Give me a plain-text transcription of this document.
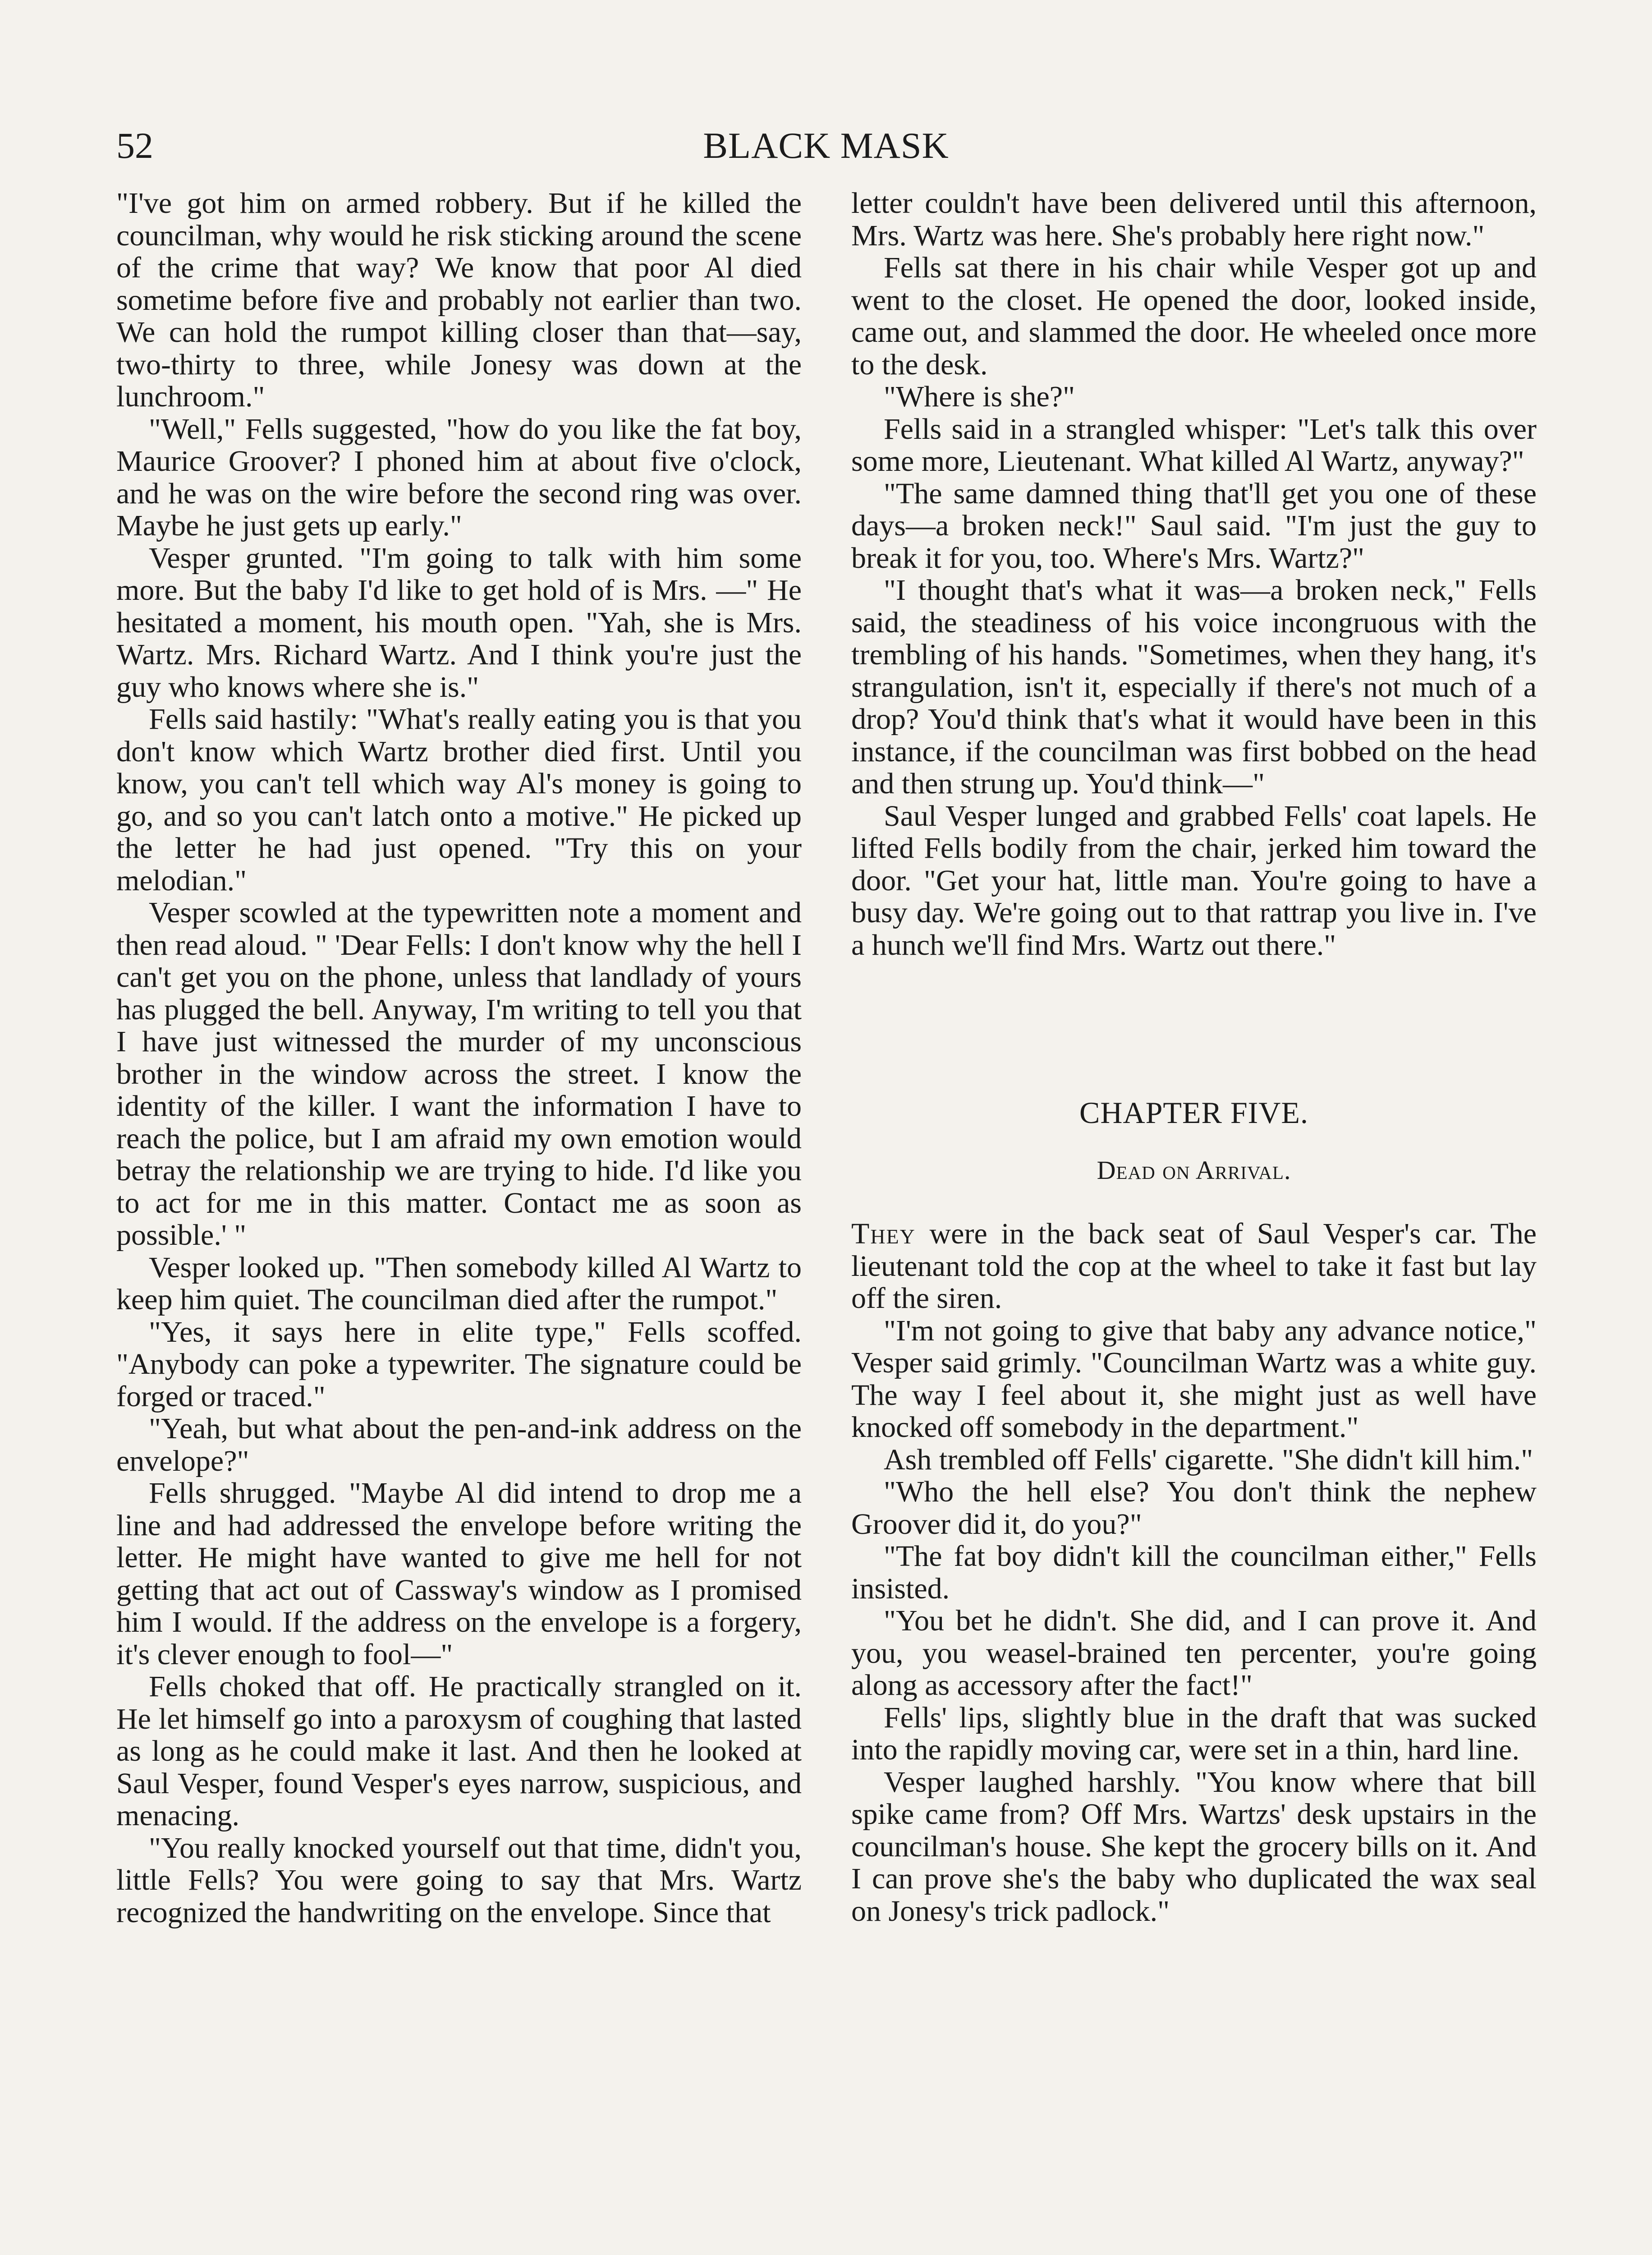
52	BLACK MASK

"I've got him on armed robbery. But if he killed the councilman, why would he risk sticking around the scene of the crime that way? We know that poor Al died sometime before five and probably not earlier than two. We can hold the rumpot killing closer than that—say, two-thirty to three, while Jonesy was down at the lunchroom."

"Well," Fells suggested, "how do you like the fat boy, Maurice Groover? I phoned him at about five o'clock, and he was on the wire before the second ring was over. Maybe he just gets up early."

Vesper grunted. "I'm going to talk with him some more. But the baby I'd like to get hold of is Mrs. —" He hesitated a moment, his mouth open. "Yah, she is Mrs. Wartz. Mrs. Richard Wartz. And I think you're just the guy who knows where she is."

Fells said hastily: "What's really eating you is that you don't know which Wartz brother died first. Until you know, you can't tell which way Al's money is going to go, and so you can't latch onto a motive." He picked up the letter he had just opened. "Try this on your melodian."

Vesper scowled at the typewritten note a moment and then read aloud. " 'Dear Fells: I don't know why the hell I can't get you on the phone, unless that landlady of yours has plugged the bell. Anyway, I'm writing to tell you that I have just witnessed the murder of my unconscious brother in the window across the street. I know the identity of the killer. I want the information I have to reach the police, but I am afraid my own emotion would betray the relationship we are trying to hide. I'd like you to act for me in this matter. Contact me as soon as possible.' "

Vesper looked up. "Then somebody killed Al Wartz to keep him quiet. The councilman died after the rumpot."

"Yes, it says here in elite type," Fells scoffed. "Anybody can poke a typewriter. The signature could be forged or traced."

"Yeah, but what about the pen-and-ink address on the envelope?"

Fells shrugged. "Maybe Al did intend to drop me a line and had addressed the envelope before writing the letter. He might have wanted to give me hell for not getting that act out of Cassway's window as I promised him I would. If the address on the envelope is a forgery, it's clever enough to fool—"

Fells choked that off. He practically strangled on it. He let himself go into a paroxysm of coughing that lasted as long as he could make it last. And then he looked at Saul Vesper, found Vesper's eyes narrow, suspicious, and menacing.

"You really knocked yourself out that time, didn't you, little Fells? You were going to say that Mrs. Wartz recognized the handwriting on the envelope. Since that

letter couldn't have been delivered until this afternoon, Mrs. Wartz was here. She's probably here right now."

Fells sat there in his chair while Vesper got up and went to the closet. He opened the door, looked inside, came out, and slammed the door. He wheeled once more to the desk.

"Where is she?"

Fells said in a strangled whisper: "Let's talk this over some more, Lieutenant. What killed Al Wartz, anyway?"

"The same damned thing that'll get you one of these days—a broken neck!" Saul said. "I'm just the guy to break it for you, too. Where's Mrs. Wartz?"

"I thought that's what it was—a broken neck," Fells said, the steadiness of his voice incongruous with the trembling of his hands. "Sometimes, when they hang, it's strangulation, isn't it, especially if there's not much of a drop? You'd think that's what it would have been in this instance, if the councilman was first bobbed on the head and then strung up. You'd think—"

Saul Vesper lunged and grabbed Fells' coat lapels. He lifted Fells bodily from the chair, jerked him toward the door. "Get your hat, little man. You're going to have a busy day. We're going out to that rattrap you live in. I've a hunch we'll find Mrs. Wartz out there."

CHAPTER FIVE.
Dead on Arrival.

They were in the back seat of Saul Vesper's car. The lieutenant told the cop at the wheel to take it fast but lay off the siren.

"I'm not going to give that baby any advance notice," Vesper said grimly. "Councilman Wartz was a white guy. The way I feel about it, she might just as well have knocked off somebody in the department."

Ash trembled off Fells' cigarette. "She didn't kill him."

"Who the hell else? You don't think the nephew Groover did it, do you?"

"The fat boy didn't kill the councilman either," Fells insisted.

"You bet he didn't. She did, and I can prove it. And you, you weasel-brained ten percenter, you're going along as accessory after the fact!"

Fells' lips, slightly blue in the draft that was sucked into the rapidly moving car, were set in a thin, hard line.

Vesper laughed harshly. "You know where that bill spike came from? Off Mrs. Wartzs' desk upstairs in the councilman's house. She kept the grocery bills on it. And I can prove she's the baby who duplicated the wax seal on Jonesy's trick padlock."
